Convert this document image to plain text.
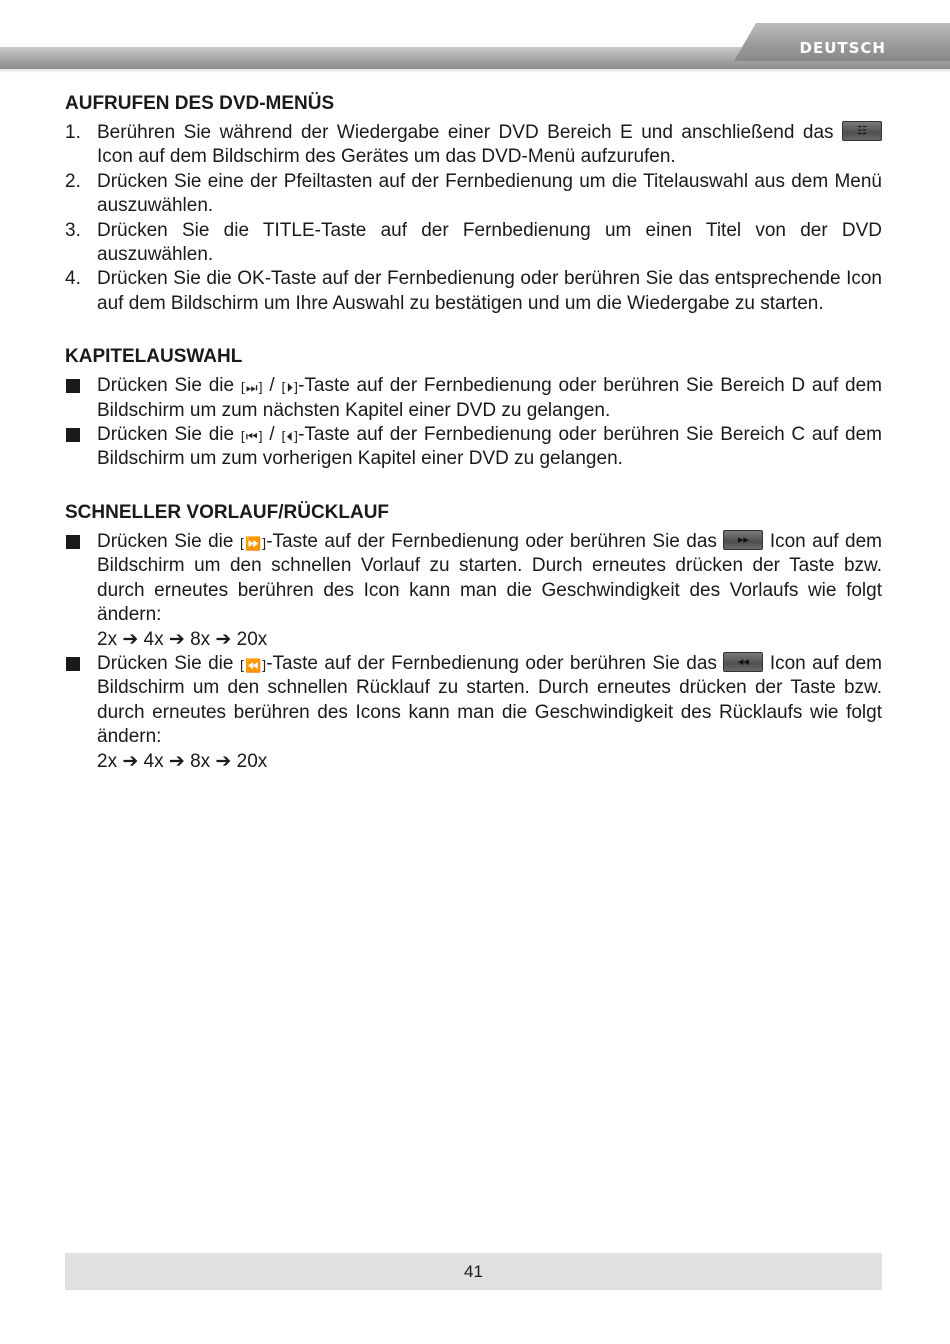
DEUTSCH
AUFRUFEN DES DVD-MENÜS
1. Berühren Sie während der Wiedergabe einer DVD Bereich E und anschließend das	☷
Icon auf dem Bildschirm des Gerätes um das DVD-Menü aufzurufen.
2. Drücken Sie eine der Pfeiltasten auf der Fernbedienung um die Titelauswahl aus dem Menü auszuwählen.
3. Drücken Sie die TITLE-Taste auf der Fernbedienung um einen Titel von der DVD auszuwählen.
4. Drücken Sie die OK-Taste auf der Fernbedienung oder berühren Sie das entsprechende Icon auf dem Bildschirm um Ihre Auswahl zu bestätigen und um die Wiedergabe zu starten.
KAPITELAUSWAHL
Drücken Sie die [⏭] / [⏵]-Taste auf der Fernbedienung oder berühren Sie Bereich D auf dem Bildschirm um zum nächsten Kapitel einer DVD zu gelangen.
Drücken Sie die [⏮] / [⏴]-Taste auf der Fernbedienung oder berühren Sie Bereich C auf dem Bildschirm um zum vorherigen Kapitel einer DVD zu gelangen.
SCHNELLER VORLAUF/RÜCKLAUF
Drücken Sie die [⏩]-Taste auf der Fernbedienung oder berühren Sie das	▸▸ Icon auf dem Bildschirm um den schnellen Vorlauf zu starten. Durch erneutes drücken der Taste bzw. durch erneutes berühren des Icon kann man die Geschwindigkeit des Vorlaufs wie folgt ändern:
2x ➔ 4x ➔ 8x ➔ 20x
Drücken Sie die [⏪]-Taste auf der Fernbedienung oder berühren Sie das	◂◂ Icon auf dem Bildschirm um den schnellen Rücklauf zu starten. Durch erneutes drücken der Taste bzw. durch erneutes berühren des Icons kann man die Geschwindigkeit des Rücklaufs wie folgt ändern:
2x ➔ 4x ➔ 8x ➔ 20x
41
